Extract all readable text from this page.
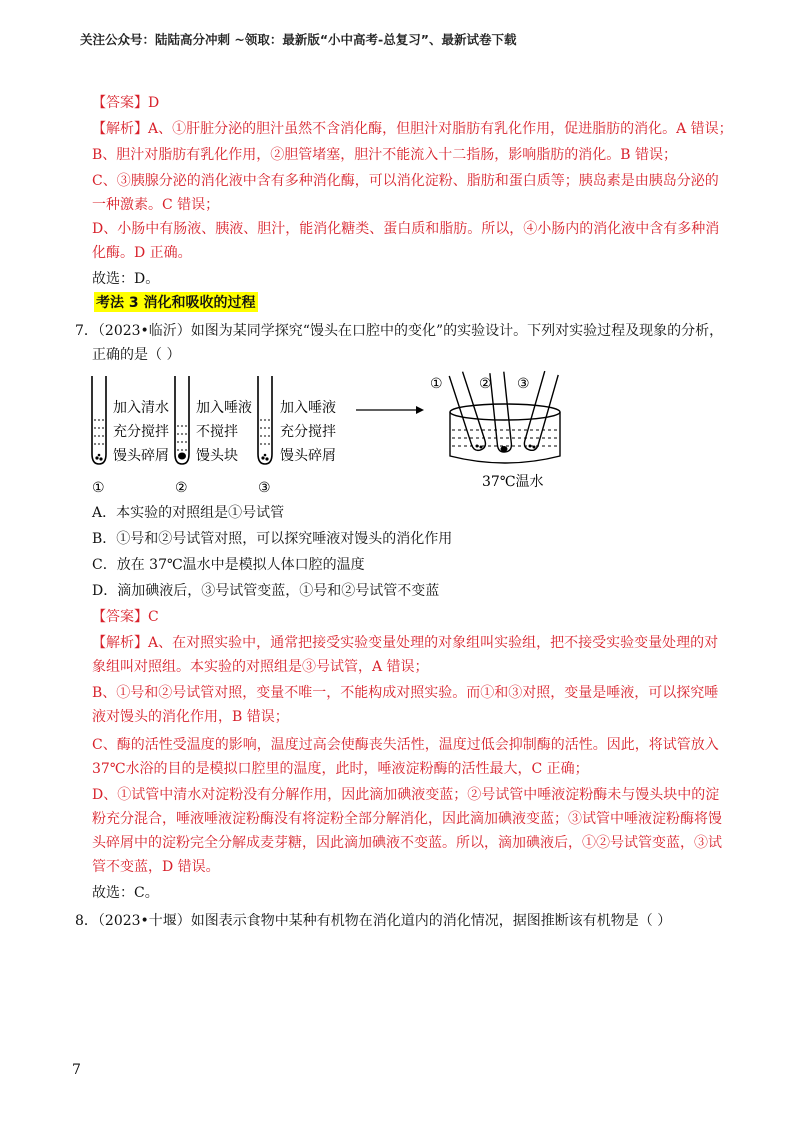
关注公众号：陆陆高分冲刺 ~领取：最新版“小中高考-总复习”、最新试卷下载
【答案】D
【解析】A、①肝脏分泌的胆汁虽然不含消化酶，但胆汁对脂肪有乳化作用，促进脂肪的消化。A 错误；
B、胆汁对脂肪有乳化作用，②胆管堵塞，胆汁不能流入十二指肠，影响脂肪的消化。B 错误；
C、③胰腺分泌的消化液中含有多种消化酶，可以消化淀粉、脂肪和蛋白质等；胰岛素是由胰岛分泌的
一种激素。C 错误；
D、小肠中有肠液、胰液、胆汁，能消化糖类、蛋白质和脂肪。所以，④小肠内的消化液中含有多种消
化酶。D 正确。
故选：D。
考法 3 消化和吸收的过程
7．（2023•临沂）如图为某同学探究“馒头在口腔中的变化”的实验设计。下列对实验过程及现象的分析，
正确的是（ ）
加入清水
充分搅拌
馒头碎屑
加入唾液
不搅拌
馒头块
加入唾液
充分搅拌
馒头碎屑
①	②	③
①	② ③
37℃温水
A．本实验的对照组是①号试管
B．①号和②号试管对照，可以探究唾液对馒头的消化作用
C．放在 37℃温水中是模拟人体口腔的温度
D．滴加碘液后，③号试管变蓝，①号和②号试管不变蓝
【答案】C
【解析】A、在对照实验中，通常把接受实验变量处理的对象组叫实验组，把不接受实验变量处理的对
象组叫对照组。本实验的对照组是③号试管，A 错误；
B、①号和②号试管对照，变量不唯一，不能构成对照实验。而①和③对照，变量是唾液，可以探究唾
液对馒头的消化作用，B 错误；
C、酶的活性受温度的影响，温度过高会使酶丧失活性，温度过低会抑制酶的活性。因此，将试管放入
37℃水浴的目的是模拟口腔里的温度，此时，唾液淀粉酶的活性最大，C 正确；
D、①试管中清水对淀粉没有分解作用，因此滴加碘液变蓝；②号试管中唾液淀粉酶未与馒头块中的淀
粉充分混合，唾液唾液淀粉酶没有将淀粉全部分解消化，因此滴加碘液变蓝；③试管中唾液淀粉酶将馒
头碎屑中的淀粉完全分解成麦芽糖，因此滴加碘液不变蓝。所以，滴加碘液后，①②号试管变蓝，③试
管不变蓝，D 错误。
故选：C。
8．（2023•十堰）如图表示食物中某种有机物在消化道内的消化情况，据图推断该有机物是（ ）
7
